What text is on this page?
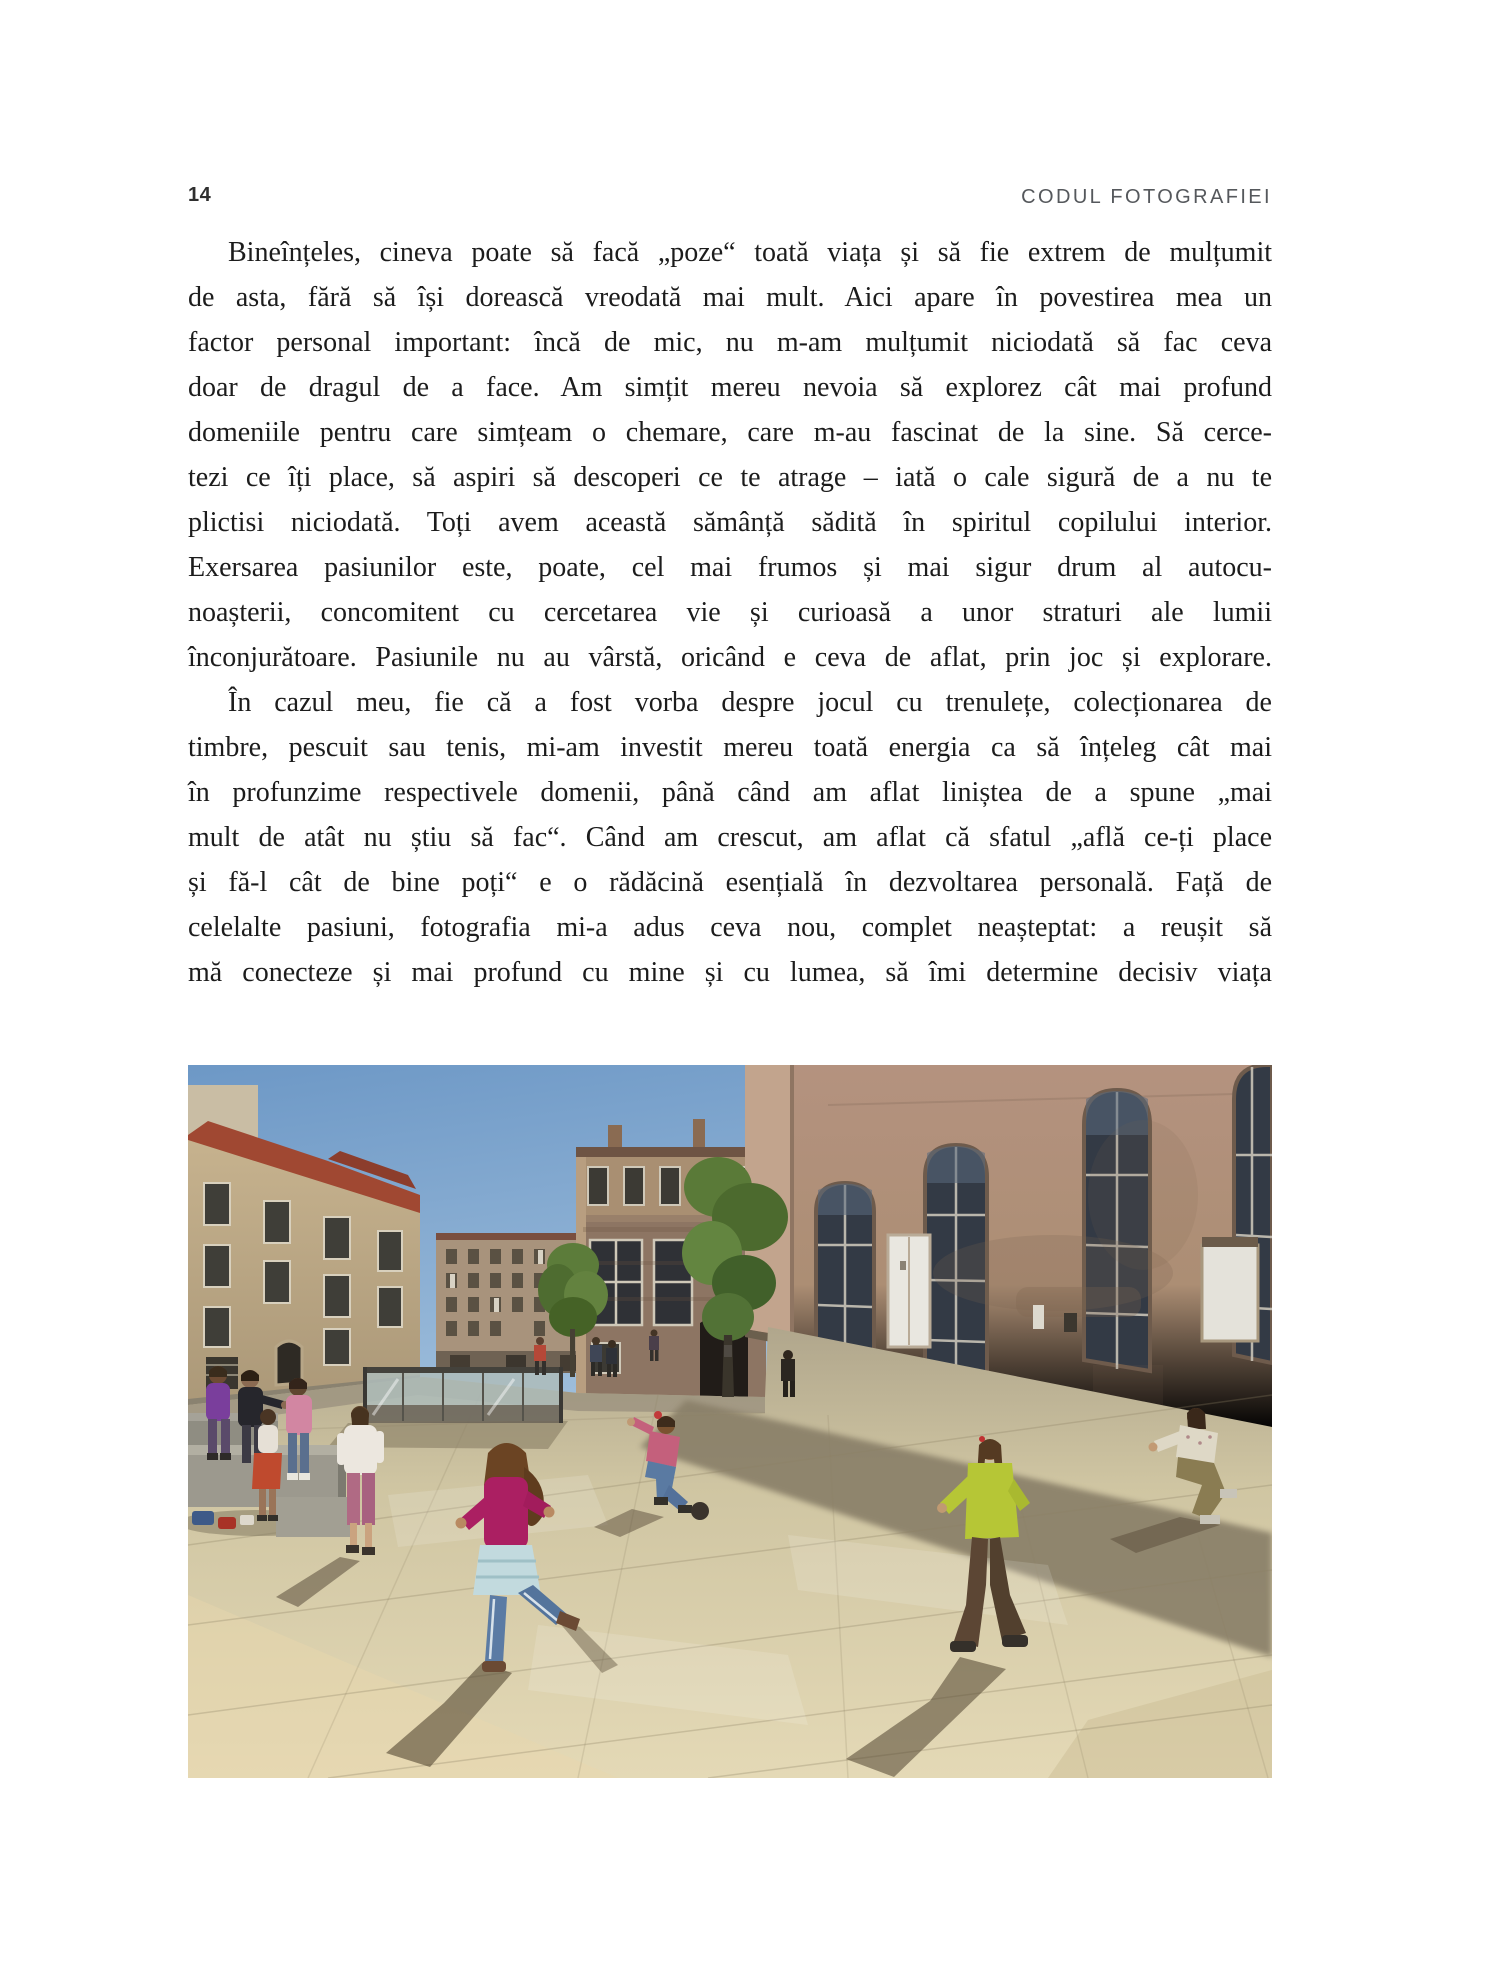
14	CODUL FOTOGRAFIEI
Bineînțeles, cineva poate să facă „poze“ toată viața și să fie extrem de mulțumit
de asta, fără să își dorească vreodată mai mult. Aici apare în povestirea mea un
factor personal important: încă de mic, nu m-am mulțumit niciodată să fac ceva
doar de dragul de a face. Am simțit mereu nevoia să explorez cât mai profund
domeniile pentru care simțeam o chemare, care m-au fascinat de la sine. Să cerce-
tezi ce îți place, să aspiri să descoperi ce te atrage – iată o cale sigură de a nu te
plictisi niciodată. Toți avem această sămânță sădită în spiritul copilului interior.
Exersarea pasiunilor este, poate, cel mai frumos și mai sigur drum al autocu-
noașterii, concomitent cu cercetarea vie și curioasă a unor straturi ale lumii
înconjurătoare. Pasiunile nu au vârstă, oricând e ceva de aflat, prin joc și explorare.
În cazul meu, fie că a fost vorba despre jocul cu trenulețe, colecționarea de
timbre, pescuit sau tenis, mi-am investit mereu toată energia ca să înțeleg cât mai
în profunzime respectivele domenii, până când am aflat liniștea de a spune „mai
mult de atât nu știu să fac“. Când am crescut, am aflat că sfatul „află ce-ți place
și fă-l cât de bine poți“ e o rădăcină esențială în dezvoltarea personală. Față de
celelalte pasiuni, fotografia mi-a adus ceva nou, complet neașteptat: a reușit să
mă conecteze și mai profund cu mine și cu lumea, să îmi determine decisiv viața
